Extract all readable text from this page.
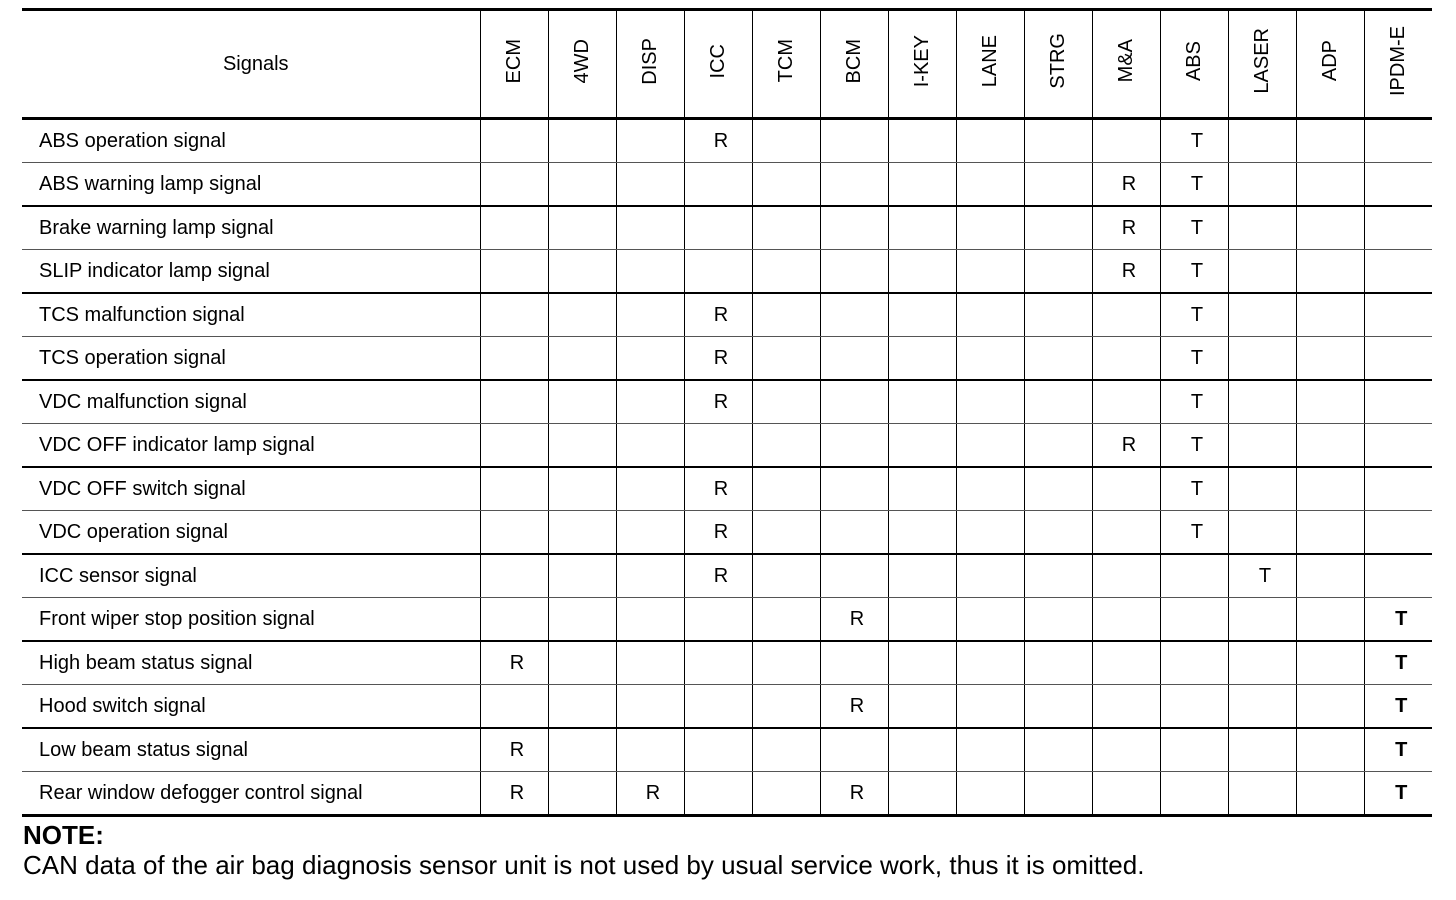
Signals	ECM	4WD	DISP	ICC	TCM	BCM	I-KEY	LANE	STRG	M&A	ABS	LASER	ADP	IPDM-E
ABS operation signal				R							T			
ABS warning lamp signal										R	T			
Brake warning lamp signal										R	T			
SLIP indicator lamp signal										R	T			
TCS malfunction signal				R							T			
TCS operation signal				R							T			
VDC malfunction signal				R							T			
VDC OFF indicator lamp signal										R	T			
VDC OFF switch signal				R							T			
VDC operation signal				R							T			
ICC sensor signal				R								T		
Front wiper stop position signal						R								T
High beam status signal	R													T
Hood switch signal						R								T
Low beam status signal	R													T
Rear window defogger control signal	R		R			R								T
NOTE:
CAN data of the air bag diagnosis sensor unit is not used by usual service work, thus it is omitted.
